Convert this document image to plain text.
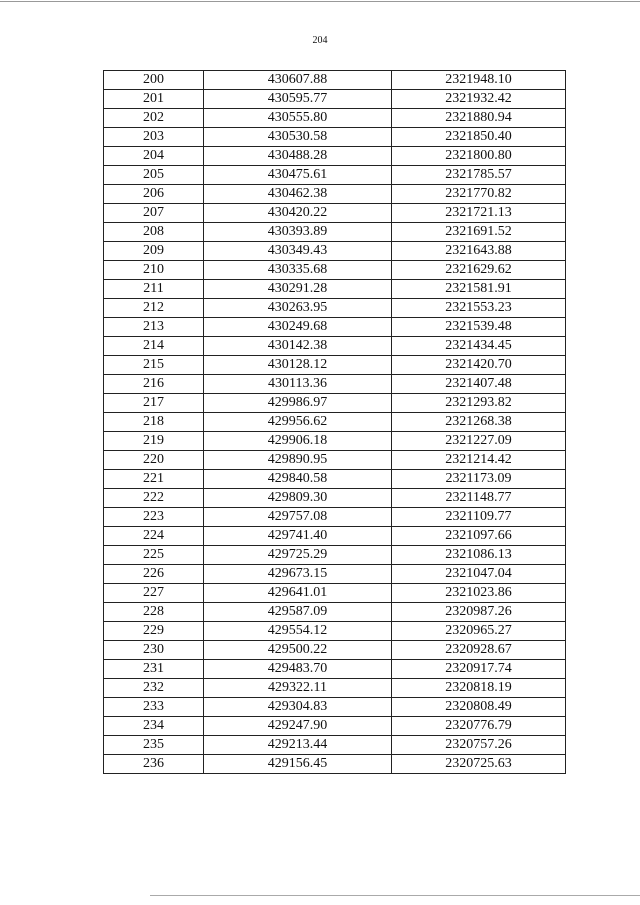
204
200	430607.88	2321948.10
201	430595.77	2321932.42
202	430555.80	2321880.94
203	430530.58	2321850.40
204	430488.28	2321800.80
205	430475.61	2321785.57
206	430462.38	2321770.82
207	430420.22	2321721.13
208	430393.89	2321691.52
209	430349.43	2321643.88
210	430335.68	2321629.62
211	430291.28	2321581.91
212	430263.95	2321553.23
213	430249.68	2321539.48
214	430142.38	2321434.45
215	430128.12	2321420.70
216	430113.36	2321407.48
217	429986.97	2321293.82
218	429956.62	2321268.38
219	429906.18	2321227.09
220	429890.95	2321214.42
221	429840.58	2321173.09
222	429809.30	2321148.77
223	429757.08	2321109.77
224	429741.40	2321097.66
225	429725.29	2321086.13
226	429673.15	2321047.04
227	429641.01	2321023.86
228	429587.09	2320987.26
229	429554.12	2320965.27
230	429500.22	2320928.67
231	429483.70	2320917.74
232	429322.11	2320818.19
233	429304.83	2320808.49
234	429247.90	2320776.79
235	429213.44	2320757.26
236	429156.45	2320725.63
